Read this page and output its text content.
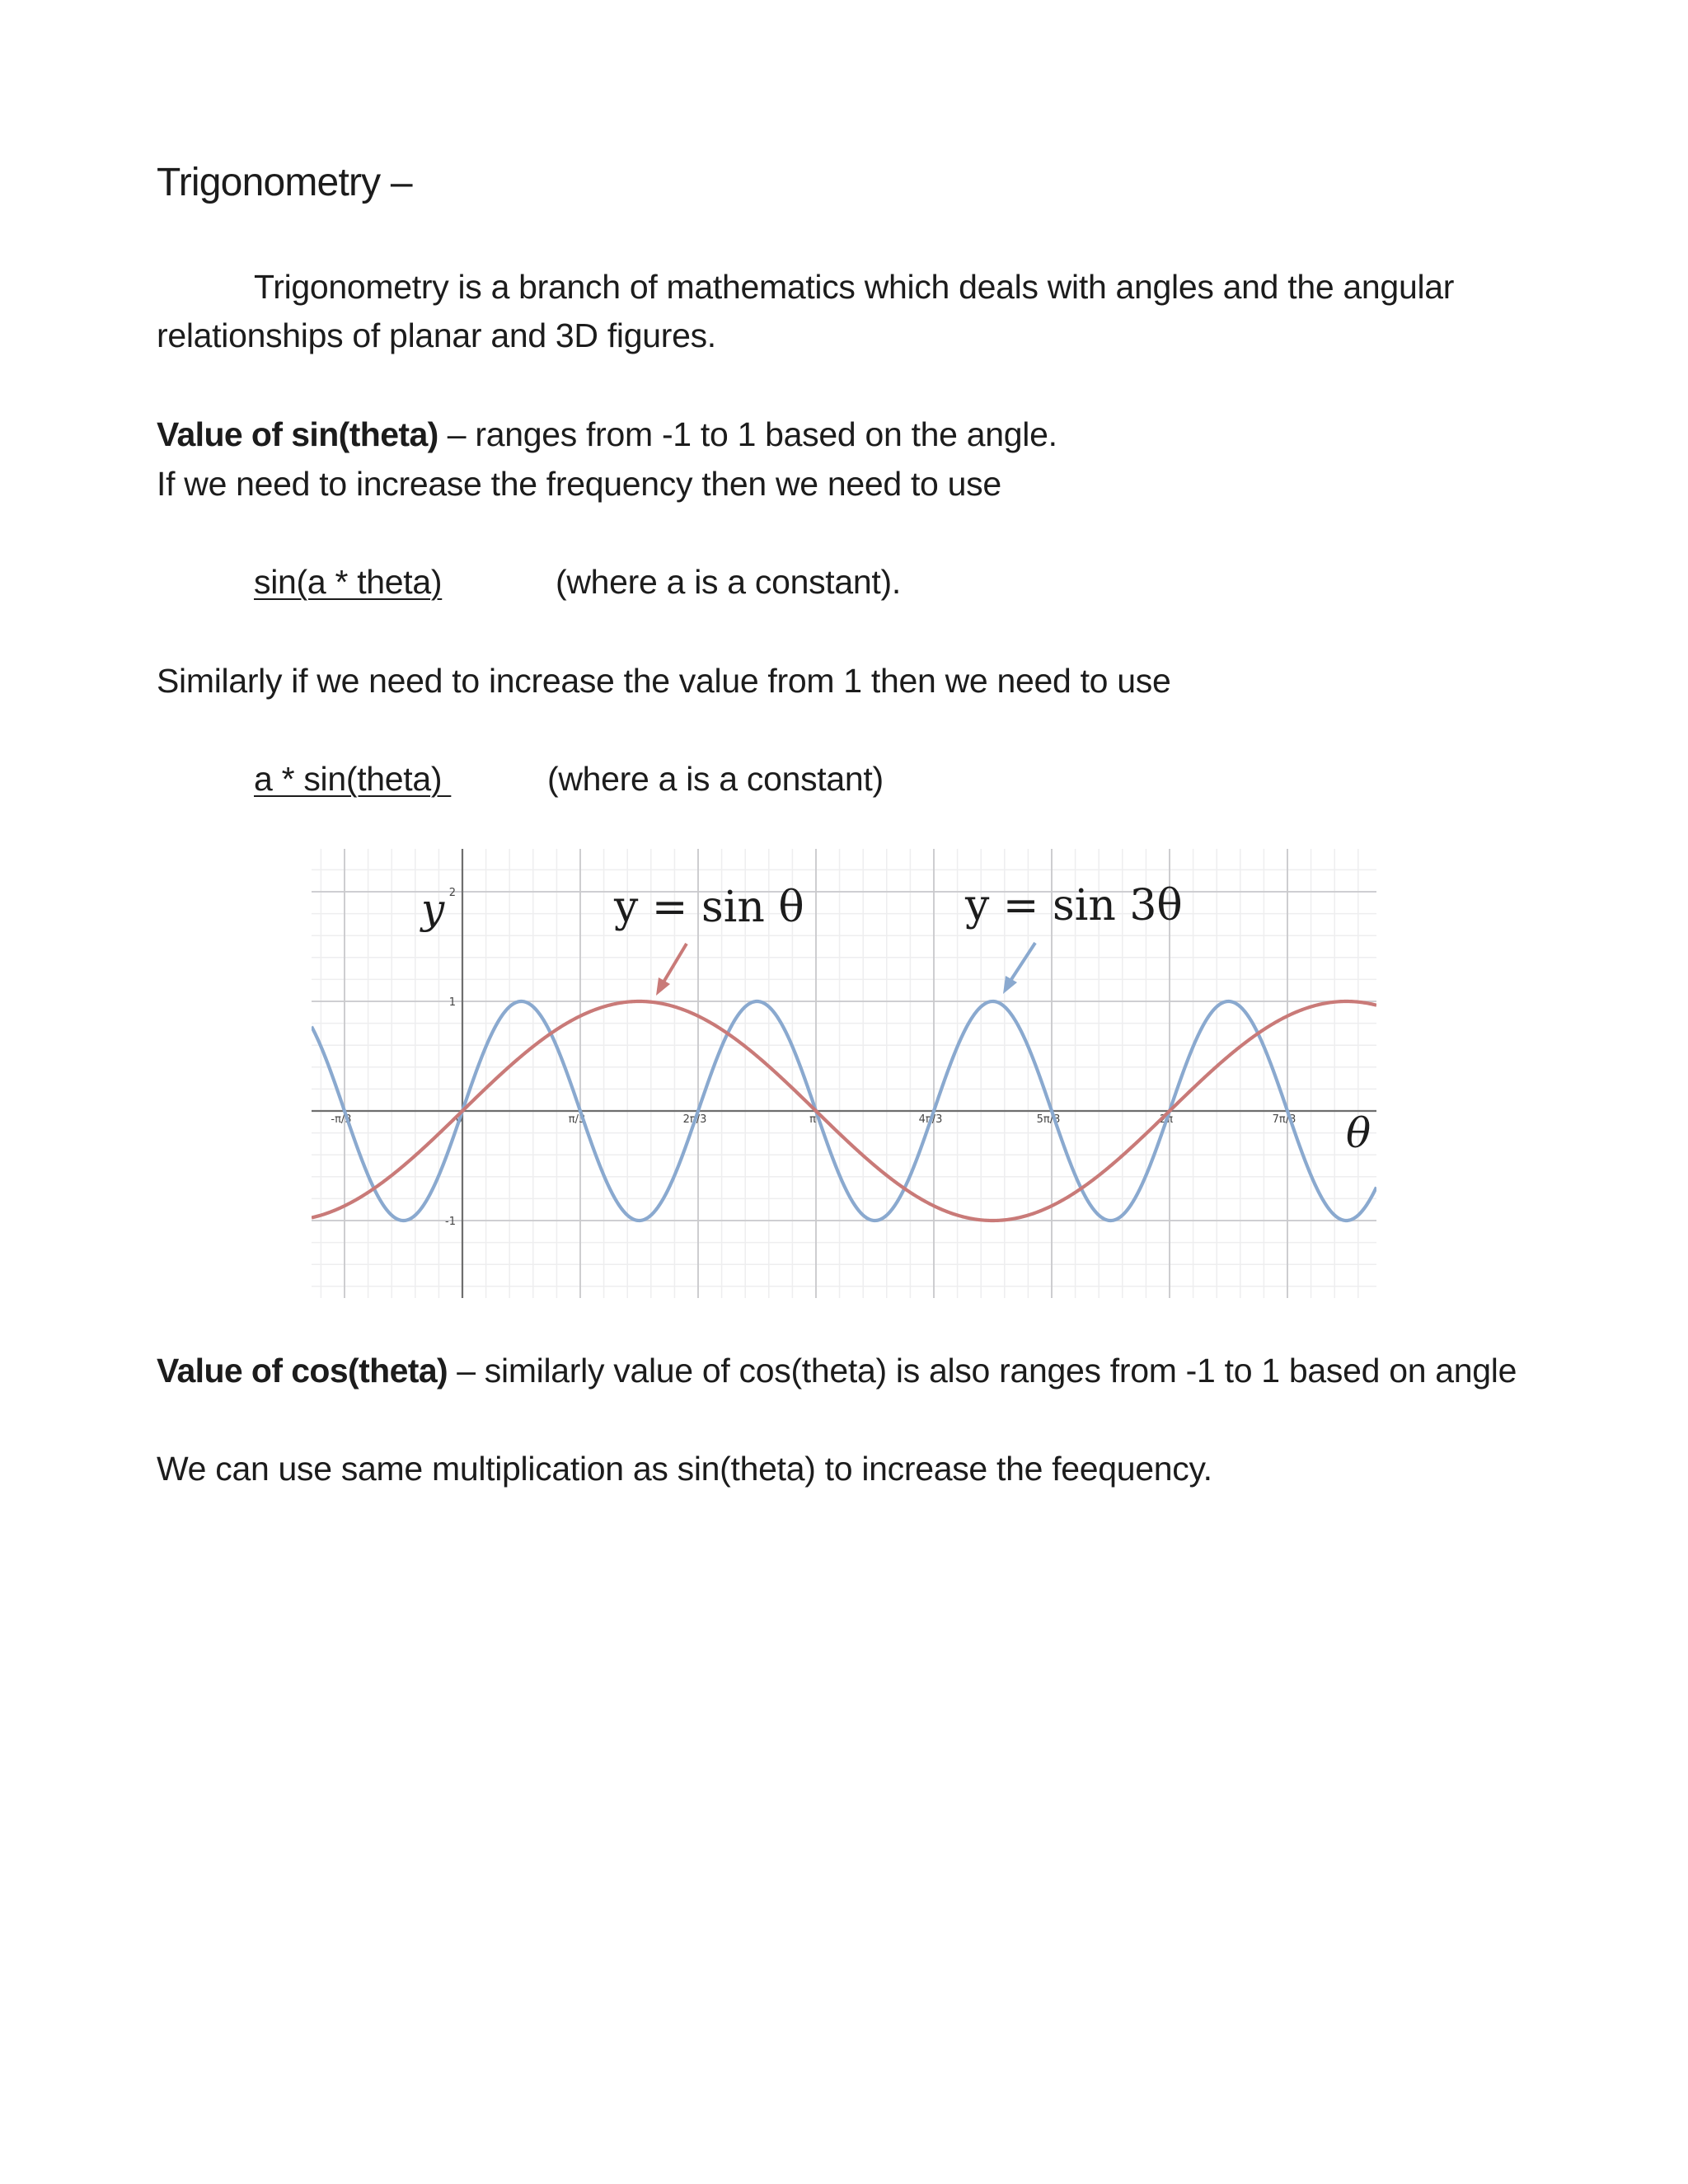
Trigonometry –
Trigonometry is a branch of mathematics which deals with angles and the angular
relationships of planar and 3D figures.
Value of sin(theta) – ranges from -1 to 1 based on the angle.
If we need to increase the frequency then we need to use
sin(a * theta)	(where a is a constant).
Similarly if we need to increase the value from 1 then we need to use
a * sin(theta)	(where a is a constant)
-π/3	0	π/3	2π/3	π	4π/3	5π/3	2π	7π/3
2
1
-1
y
θ
y = sin θ	y = sin 3θ
Value of cos(theta) – similarly value of cos(theta) is also ranges from -1 to 1 based on angle
We can use same multiplication as sin(theta) to increase the feequency.
